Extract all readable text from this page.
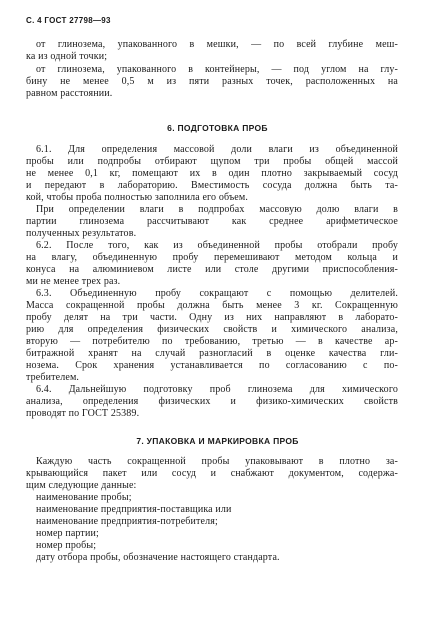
С. 4 ГОСТ 27798—93
от глинозема, упакованного в мешки, — по всей глубине меш-
ка из одной точки;
от глинозема, упакованного в контейнеры, — под углом на глу-
бину не менее 0,5 м из пяти разных точек, расположенных на
равном расстоянии.
6. ПОДГОТОВКА ПРОБ
6.1. Для определения массовой доли влаги из объединенной
пробы или подпробы отбирают щупом три пробы общей массой
не менее 0,1 кг, помещают их в один плотно закрываемый сосуд
и передают в лабораторию. Вместимость сосуда должна быть та-
кой, чтобы проба полностью заполнила его объем.
При определении влаги в подпробах массовую долю влаги в
партии глинозема рассчитывают как среднее арифметическое
полученных результатов.
6.2. После того, как из объединенной пробы отобрали пробу
на влагу, объединенную пробу перемешивают методом кольца и
конуса на алюминиевом листе или столе другими приспособления-
ми не менее трех раз.
6.3. Объединенную пробу сокращают с помощью делителей.
Масса сокращенной пробы должна быть менее 3 кг. Сокращенную
пробу делят на три части. Одну из них направляют в лаборато-
рию для определения физических свойств и химического анализа,
вторую — потребителю по требованию, третью — в качестве ар-
битражной хранят на случай разногласий в оценке качества гли-
нозема. Срок хранения устанавливается по согласованию с по-
требителем.
6.4. Дальнейшую подготовку проб глинозема для химического
анализа, определения физических и физико-химических свойств
проводят по ГОСТ 25389.
7. УПАКОВКА И МАРКИРОВКА ПРОБ
Каждую часть сокращенной пробы упаковывают в плотно за-
крывающийся пакет или сосуд и снабжают документом, содержа-
щим следующие данные:
наименование пробы;
наименование предприятия-поставщика или
наименование предприятия-потребителя;
номер партии;
номер пробы;
дату отбора пробы, обозначение настоящего стандарта.
